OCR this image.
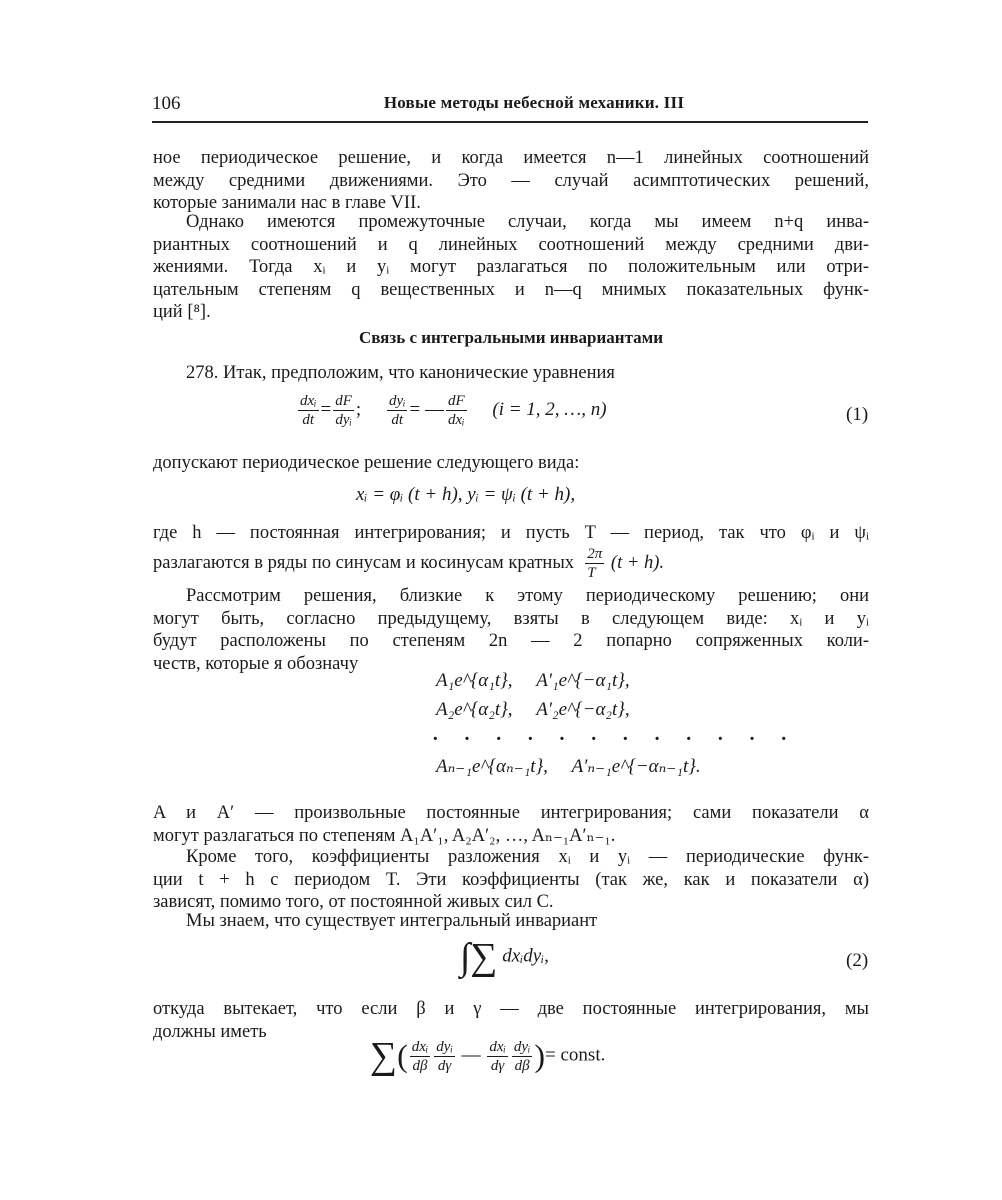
106	Новые методы небесной механики. III
ное периодическое решение, и когда имеется n—1 линейных соотношений
между средними движениями. Это — случай асимптотических решений,
которые занимали нас в главе VII.
Однако имеются промежуточные случаи, когда мы имеем n+q инва-
риантных соотношений и q линейных соотношений между средними дви-
жениями. Тогда xᵢ и yᵢ могут разлагаться по положительным или отри-
цательным степеням q вещественных и n—q мнимых показательных функ-
ций [⁸].
Связь с интегральными инвариантами
278. Итак, предположим, что канонические уравнения
$\frac{\text{dxᵢ}}{dt} = \frac{dF}{\text{dyᵢ}}$ ; $\frac{\text{dyᵢ}}{dt}$ = — $\frac{dF}{\text{dxᵢ}} (i = 1$, 2, …, n)	(1)
допускают периодическое решение следующего вида:
xᵢ = φᵢ (t + h), yᵢ = ψᵢ (t + h),
где h — постоянная интегрирования; и пусть T — период, так что φᵢ и ψᵢ
разлагаются в ряды по синусам и косинусам кратных $\frac{2\pi}{T} (t + h)$.
Рассмотрим решения, близкие к этому периодическому решению; они
могут быть, согласно предыдущему, взяты в следующем виде: xᵢ и yᵢ
будут расположены по степеням 2n — 2 попарно сопряженных коли-
честв, которые я обозначу
A₁e^{α₁t}, A′₁e^{−α₁t},
A₂e^{α₂t}, A′₂e^{−α₂t},
· · · · · · · · · · · ·
Aₙ₋₁e^{αₙ₋₁t}, A′ₙ₋₁e^{−αₙ₋₁t}.
A и A′ — произвольные постоянные интегрирования; сами показатели α
могут разлагаться по степеням A₁A′₁, A₂A′₂, …, Aₙ₋₁A′ₙ₋₁.
Кроме того, коэффициенты разложения xᵢ и yᵢ — периодические функ-
ции t + h с периодом T. Эти коэффициенты (так же, как и показатели α)
зависят, помимо того, от постоянной живых сил C.
Мы знаем, что существует интегральный инвариант
∫∑ dxᵢdyᵢ,	(2)
откуда вытекает, что если β и γ — две постоянные интегрирования, мы
должны иметь
∑( $\frac{\text{dxᵢ}}{d\beta} \frac{\text{dyᵢ}}{d\gamma}$ — $\frac{\text{dxᵢ}}{d\gamma} \frac{\text{dyᵢ}}{d\beta}$ )= const.
